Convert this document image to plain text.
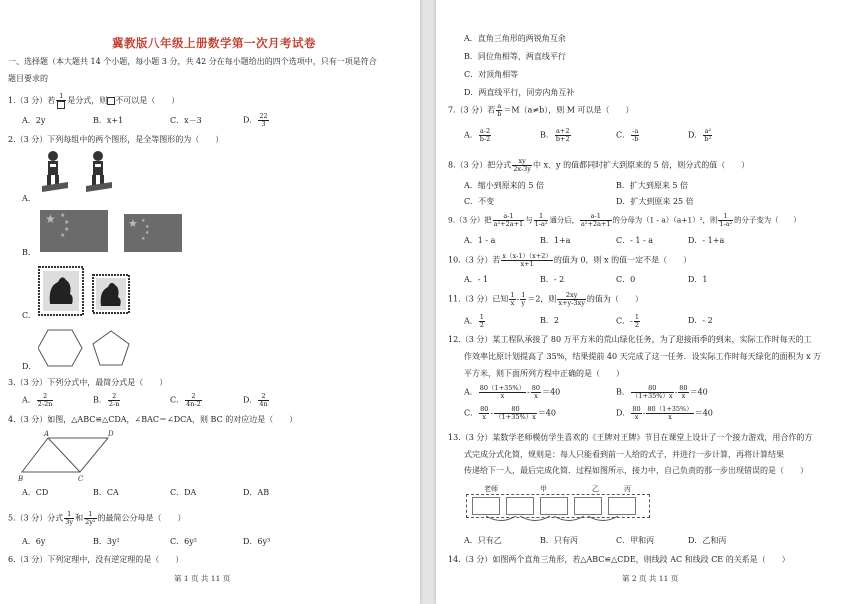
冀教版八年级上册数学第一次月考试卷
一、选择题（本大题共 14 个小题，每小题 3 分，共 42 分在每小题给出的四个选项中，只有一项是符合
题目要求的
1.（3 分）若 1 是分式，则 不可以是（　　）
A．2y	B．x+1	C．x－3	D． $\frac{22}{3}$
2.（3 分）下列每组中的两个图形，是全等图形的为（　　）
A.
★ ★
★
★
★
★ ★
★
★
★
B.
C.
D.
3.（3 分）下列分式中，最简分式是（　　）
A． $\frac{2}{2-2n}$	B． $\frac{2}{2-n}$	C． $\frac{2}{4n-2}$	D． $\frac{2}{4n}$
4.（3 分）如图，△ABC≌△CDA，∠BAC＝∠DCA，则 BC 的对应边是（　　）
A	D
B	C
A．CD	B．CA	C．DA	D．AB
5.（3 分）分式 $\frac{1}{3y}$ 和 $\frac{1}{\text{2y²}}$ 的最简公分母是（　　）
A．6y	B．3y²	C．6y²	D．6y³
6.（3 分）下列定理中，没有逆定理的是（　　）
第 1 页 共 11 页
A．直角三角形的两锐角互余
B．同位角相等，两直线平行
C．对顶角相等
D．两直线平行，同旁内角互补
7.（3 分）若 $\frac{a}{b} =M(a\ne b)$，则 M 可以是（　　）
A． $\frac{a-2}{b-2}$	B． $\frac{a+2}{b+2}$	C． $\frac{-a}{-b}$	D． $\frac{\text{a²}}{\text{b²}}$
8.（3 分）把分式 $\frac{xy}{2x-3y}$ 中 x、y 的值都同时扩大到原来的 5 倍，则分式的值（　　）
A．缩小到原来的 5 倍	B．扩大到原来 5 倍
C．不变	D．扩大到原来 25 倍
9.（3 分）把 $\frac{a-1}{\text{a²+2a+1}}$ 与 $\frac{1}{\text{1-a²}}$ 通分后， $\frac{a-1}{\text{a²+2a+1}}$ 的分母为（1 - a）（a+1）²，则 $\frac{1}{\text{1-a²}}$ 的分子变为（　　）
A．1 - a	B．1+a	C．- 1 - a	D．- 1+a
10.（3 分）若 $\frac{x(x-1)(x+2)}{x+1}$ 的值为 0，则 x 的值一定不是（　　）
A．- 1	B．- 2	C．0	D．1
11.（3 分）已知 $\frac{1}{x} - \frac{1}{y} =2$，则 $\frac{2xy}{x+y-3xy}$ 的值为（　　）
A． $\frac{1}{2}$	B．2	C．- $\frac{1}{2}$	D．- 2
12.（3 分）某工程队承接了 80 万平方米的荒山绿化任务，为了迎接雨季的到来，实际工作时每天的工
作效率比原计划提高了 35%，结果提前 40 天完成了这一任务．设实际工作时每天绿化的面积为 x 万
平方米，则下面所列方程中正确的是（　　）
A． $\frac{80(1+35\%)}{x} - \frac{80}{x} =40$	B． $\frac{80}{(1+35\%)x} - \frac{80}{x} =40$
C． $\frac{80}{x} - \frac{80}{(1+35\%)x} =40$	D． $\frac{80}{x} - \frac{80(1+35\%)}{x} =40$
13.（3 分）某数学老师模仿学生喜欢的《王牌对王牌》节目在课堂上设计了一个接力游戏，用合作的方
式完成分式化简，规则是：每人只能看到前一人给的式子，并进行一步计算，再将计算结果
传递给下一人，最后完成化简．过程如图所示，接力中，自己负责的那一步出现错误的是（　　）
老师	甲	乙	丙
A．只有乙	B．只有丙	C．甲和丙	D．乙和丙
14.（3 分）如图两个直角三角形，若△ABC≌△CDE，则线段 AC 和线段 CE 的关系是（　　）
第 2 页 共 11 页
